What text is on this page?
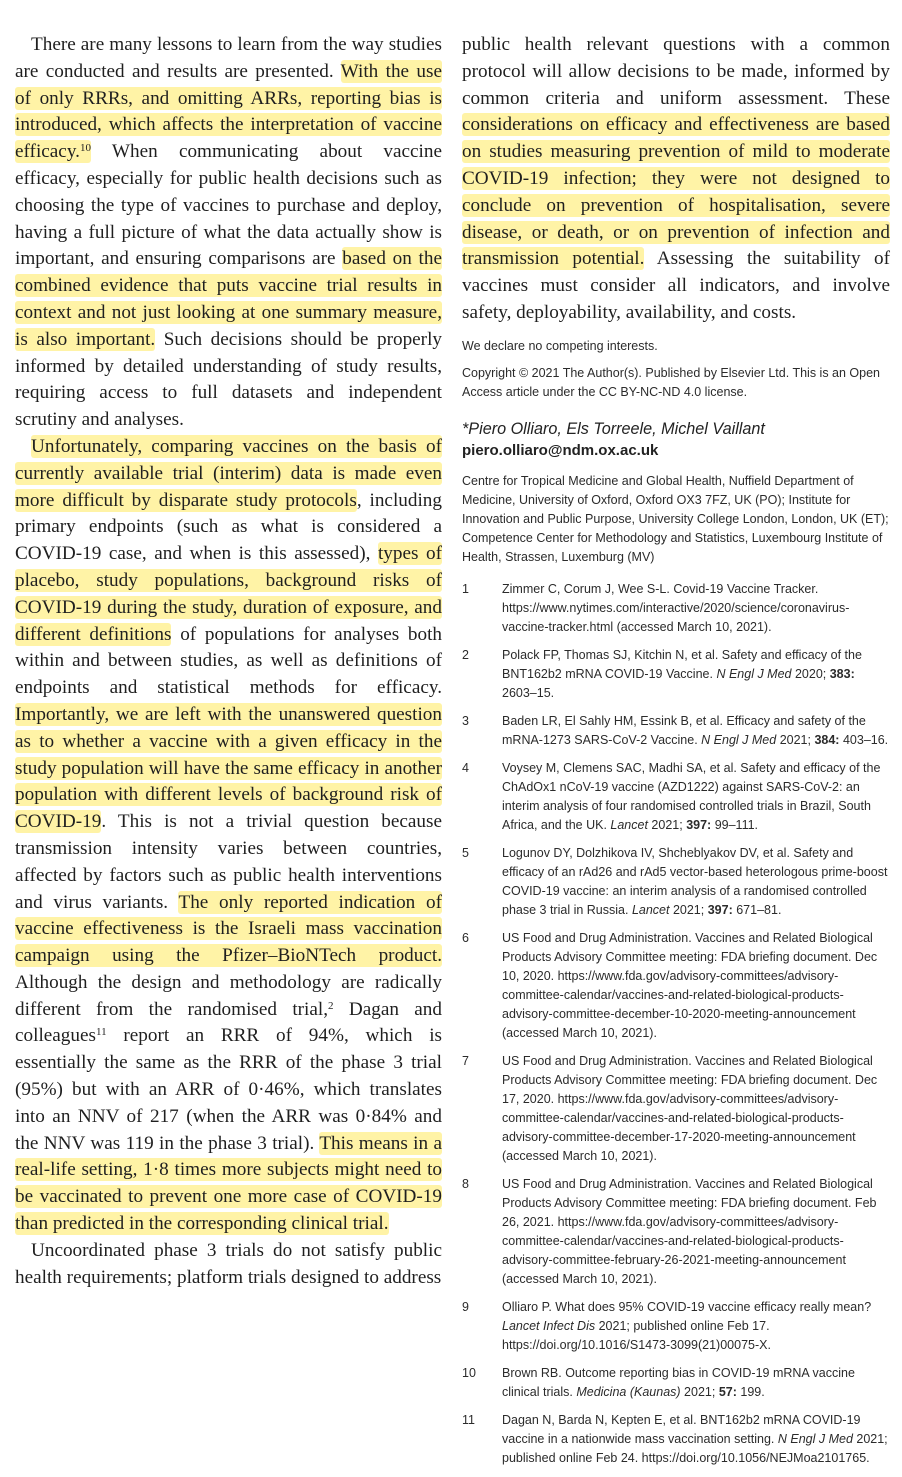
There are many lessons to learn from the way studies are conducted and results are presented. With the use of only RRRs, and omitting ARRs, reporting bias is introduced, which affects the interpretation of vaccine efficacy.$^{10}$ When communicating about vaccine efficacy, especially for public health decisions such as choosing the type of vaccines to purchase and deploy, having a full picture of what the data actually show is important, and ensuring comparisons are based on the combined evidence that puts vaccine trial results in context and not just looking at one summary measure, is also important. Such decisions should be properly informed by detailed understanding of study results, requiring access to full datasets and independent scrutiny and analyses.

Unfortunately, comparing vaccines on the basis of currently available trial (interim) data is made even more difficult by disparate study protocols, including primary endpoints (such as what is considered a COVID-19 case, and when is this assessed), types of placebo, study populations, background risks of COVID-19 during the study, duration of exposure, and different definitions of populations for analyses both within and between studies, as well as definitions of endpoints and statistical methods for efficacy. Importantly, we are left with the unanswered question as to whether a vaccine with a given efficacy in the study population will have the same efficacy in another population with different levels of background risk of COVID-19. This is not a trivial question because transmission intensity varies between countries, affected by factors such as public health interventions and virus variants. The only reported indication of vaccine effectiveness is the Israeli mass vaccination campaign using the Pfizer–BioNTech product. Although the design and methodology are radically different from the randomised trial,$^2$ Dagan and colleagues$^{11}$ report an RRR of 94%, which is essentially the same as the RRR of the phase 3 trial (95%) but with an ARR of 0·46%, which translates into an NNV of 217 (when the ARR was 0·84% and the NNV was 119 in the phase 3 trial). This means in a real-life setting, 1·8 times more subjects might need to be vaccinated to prevent one more case of COVID-19 than predicted in the corresponding clinical trial.

Uncoordinated phase 3 trials do not satisfy public health requirements; platform trials designed to address

public health relevant questions with a common protocol will allow decisions to be made, informed by common criteria and uniform assessment. These considerations on efficacy and effectiveness are based on studies measuring prevention of mild to moderate COVID-19 infection; they were not designed to conclude on prevention of hospitalisation, severe disease, or death, or on prevention of infection and transmission potential. Assessing the suitability of vaccines must consider all indicators, and involve safety, deployability, availability, and costs.

We declare no competing interests.
Copyright © 2021 The Author(s). Published by Elsevier Ltd. This is an Open Access article under the CC BY-NC-ND 4.0 license.
*Piero Olliaro, Els Torreele, Michel Vaillant
piero.olliaro@ndm.ox.ac.uk
Centre for Tropical Medicine and Global Health, Nuffield Department of Medicine, University of Oxford, Oxford OX3 7FZ, UK (PO); Institute for Innovation and Public Purpose, University College London, London, UK (ET); Competence Center for Methodology and Statistics, Luxembourg Institute of Health, Strassen, Luxemburg (MV)
1	Zimmer C, Corum J, Wee S-L. Covid-19 Vaccine Tracker. https://www.nytimes.com/interactive/2020/science/coronavirus-vaccine-tracker.html (accessed March 10, 2021).
2	Polack FP, Thomas SJ, Kitchin N, et al. Safety and efficacy of the BNT162b2 mRNA COVID-19 Vaccine. N Engl J Med 2020; 383: 2603–15.
3	Baden LR, El Sahly HM, Essink B, et al. Efficacy and safety of the mRNA-1273 SARS-CoV-2 Vaccine. N Engl J Med 2021; 384: 403–16.
4	Voysey M, Clemens SAC, Madhi SA, et al. Safety and efficacy of the ChAdOx1 nCoV-19 vaccine (AZD1222) against SARS-CoV-2: an interim analysis of four randomised controlled trials in Brazil, South Africa, and the UK. Lancet 2021; 397: 99–111.
5	Logunov DY, Dolzhikova IV, Shcheblyakov DV, et al. Safety and efficacy of an rAd26 and rAd5 vector-based heterologous prime-boost COVID-19 vaccine: an interim analysis of a randomised controlled phase 3 trial in Russia. Lancet 2021; 397: 671–81.
6	US Food and Drug Administration. Vaccines and Related Biological Products Advisory Committee meeting: FDA briefing document. Dec 10, 2020. https://www.fda.gov/advisory-committees/advisory-committee-calendar/vaccines-and-related-biological-products-advisory-committee-december-10-2020-meeting-announcement (accessed March 10, 2021).
7	US Food and Drug Administration. Vaccines and Related Biological Products Advisory Committee meeting: FDA briefing document. Dec 17, 2020. https://www.fda.gov/advisory-committees/advisory-committee-calendar/vaccines-and-related-biological-products-advisory-committee-december-17-2020-meeting-announcement (accessed March 10, 2021).
8	US Food and Drug Administration. Vaccines and Related Biological Products Advisory Committee meeting: FDA briefing document. Feb 26, 2021. https://www.fda.gov/advisory-committees/advisory-committee-calendar/vaccines-and-related-biological-products-advisory-committee-february-26-2021-meeting-announcement (accessed March 10, 2021).
9	Olliaro P. What does 95% COVID-19 vaccine efficacy really mean? Lancet Infect Dis 2021; published online Feb 17. https://doi.org/10.1016/S1473-3099(21)00075-X.
10 Brown RB. Outcome reporting bias in COVID-19 mRNA vaccine clinical trials. Medicina (Kaunas) 2021; 57: 199.
11 Dagan N, Barda N, Kepten E, et al. BNT162b2 mRNA COVID-19 vaccine in a nationwide mass vaccination setting. N Engl J Med 2021; published online Feb 24. https://doi.org/10.1056/NEJMoa2101765.
